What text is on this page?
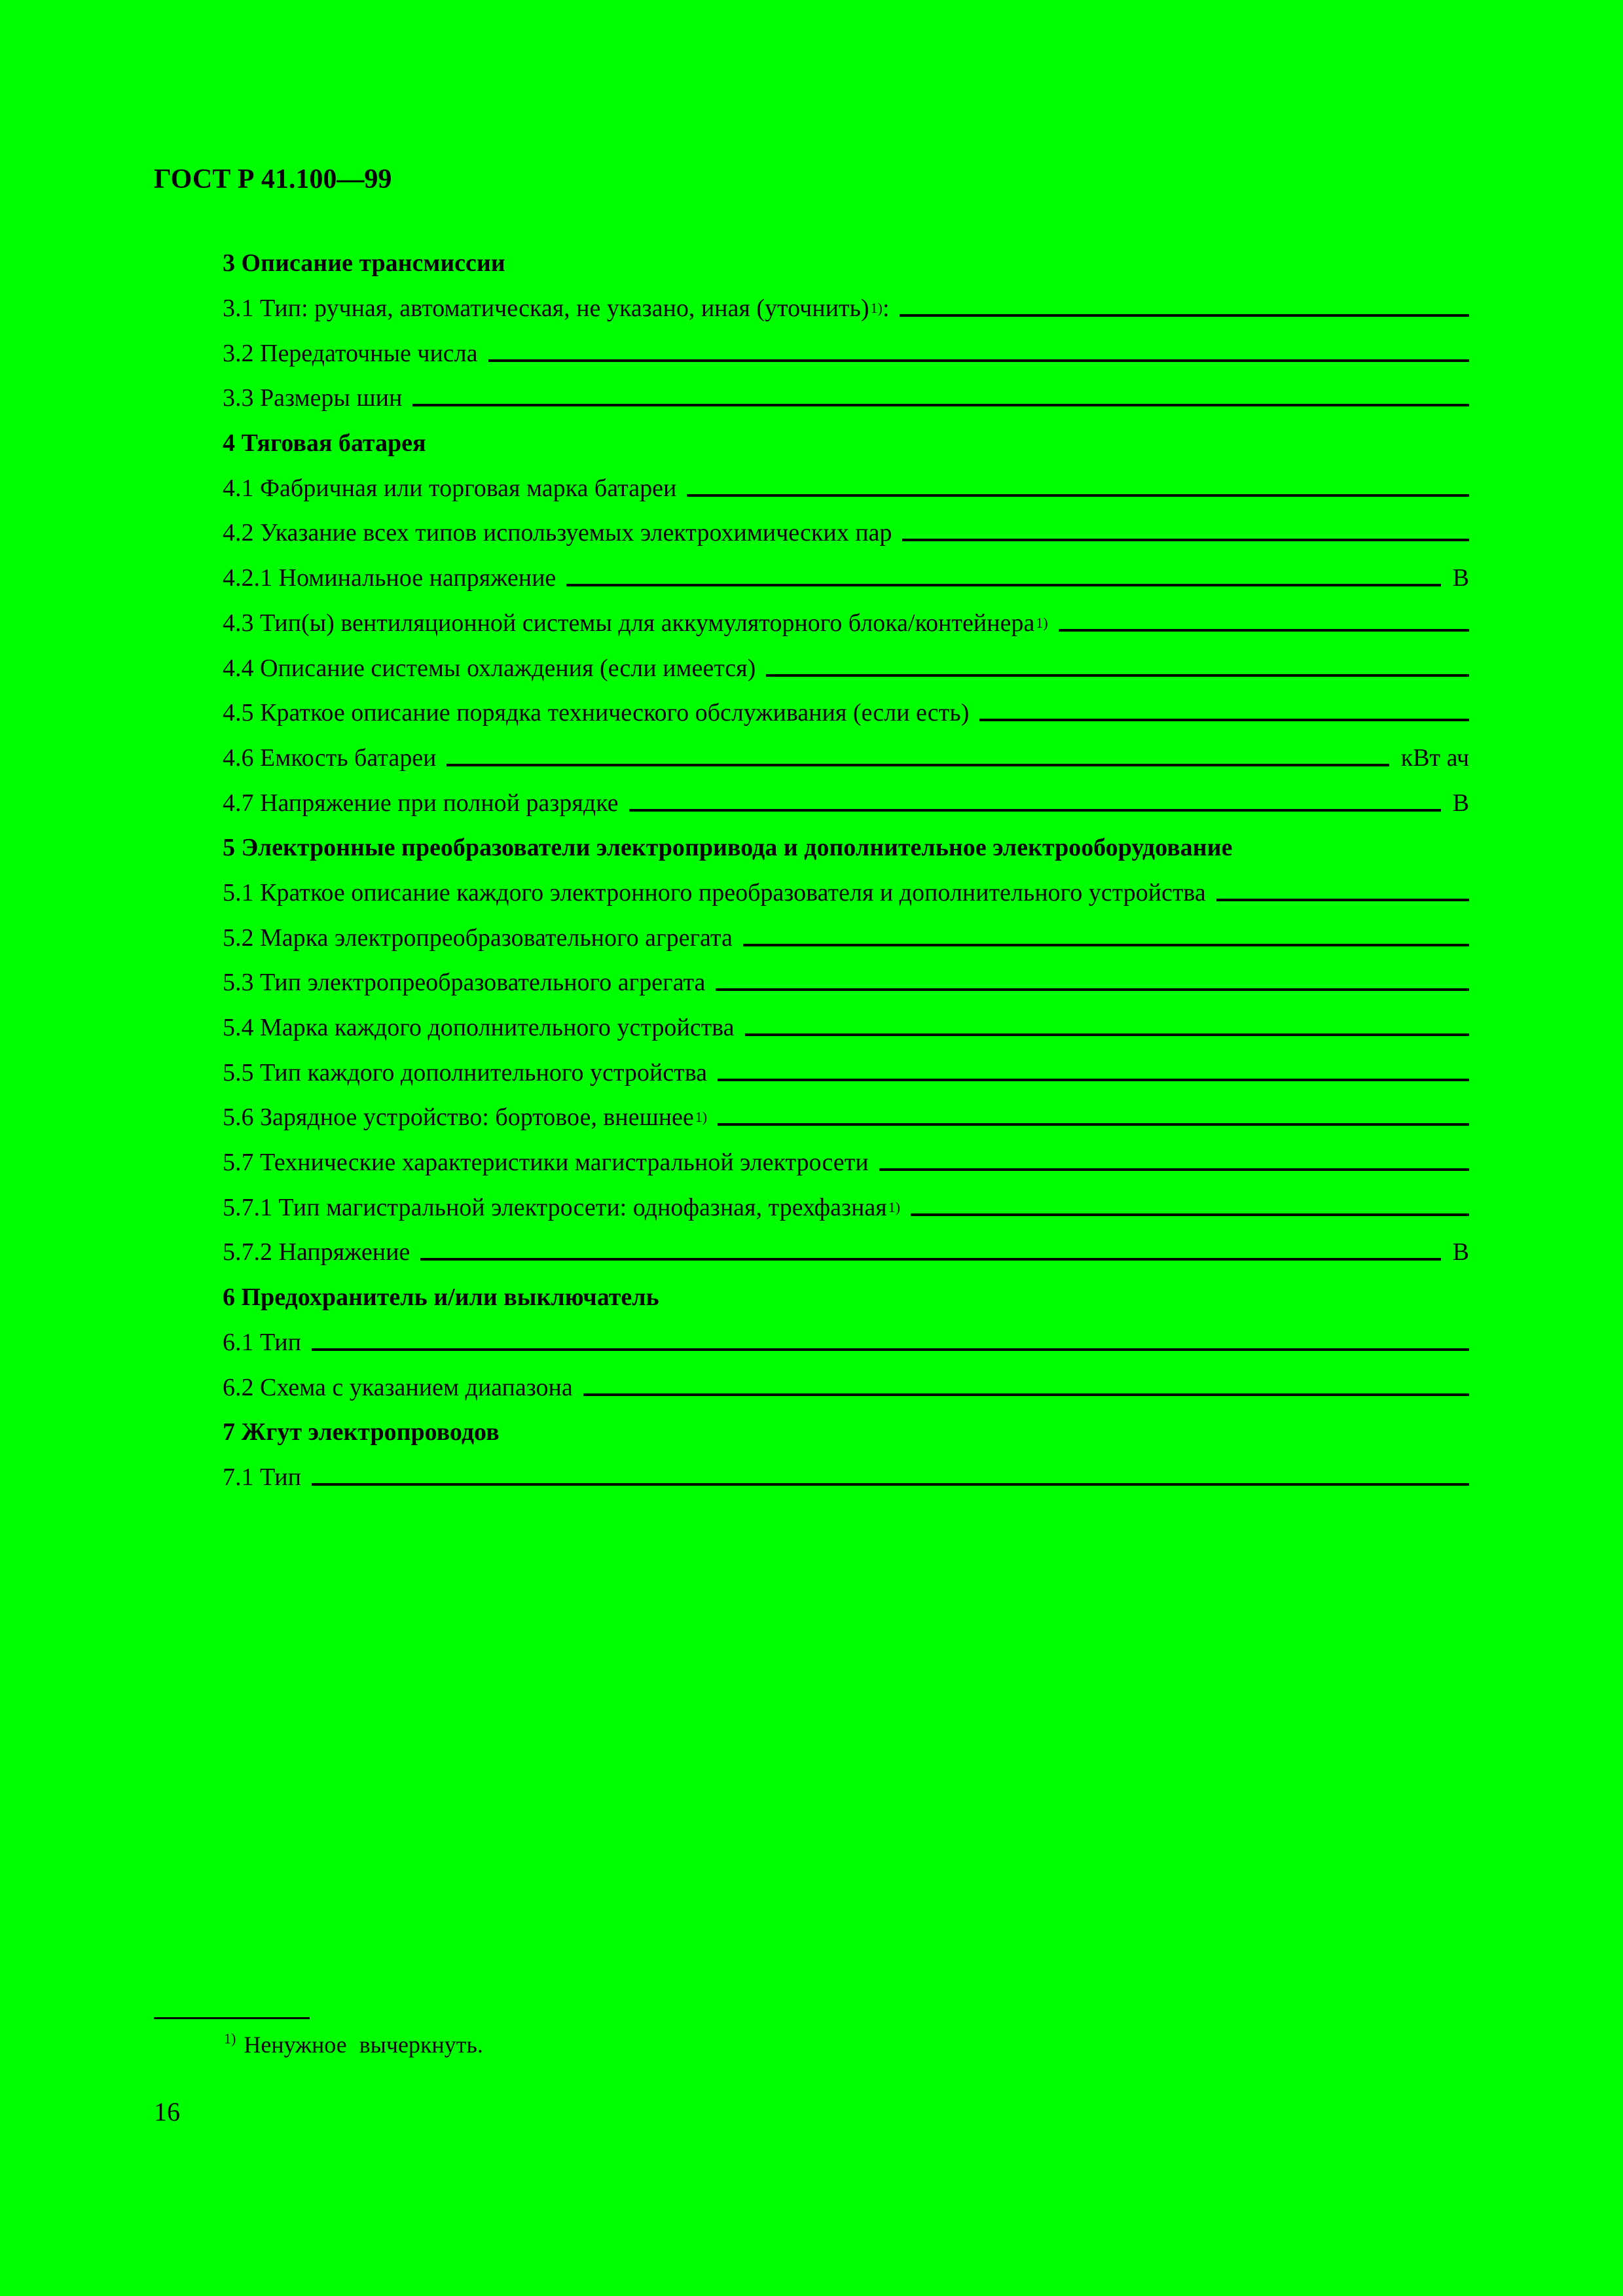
ГОСТ Р 41.100—99
3 Описание трансмиссии
3.1 Тип: ручная, автоматическая, не указано, иная (уточнить) 1) :
3.2 Передаточные числа
3.3 Размеры шин
4 Тяговая батарея
4.1 Фабричная или торговая марка батареи
4.2 Указание всех типов используемых электрохимических пар
4.2.1 Номинальное напряжение	В
4.3 Тип(ы) вентиляционной системы для аккумуляторного блока/контейнера 1)
4.4 Описание системы охлаждения (если имеется)
4.5 Краткое описание порядка технического обслуживания (если есть)
4.6 Емкость батареи	кВт ач
4.7 Напряжение при полной разрядке	В
5 Электронные преобразователи электропривода и дополнительное электрооборудование
5.1 Краткое описание каждого электронного преобразователя и дополнительного устройства
5.2 Марка электропреобразовательного агрегата
5.3 Тип электропреобразовательного агрегата
5.4 Марка каждого дополнительного устройства
5.5 Тип каждого дополнительного устройства
5.6 Зарядное устройство: бортовое, внешнее 1)
5.7 Технические характеристики магистральной электросети
5.7.1 Тип магистральной электросети: однофазная, трехфазная 1)
5.7.2 Напряжение	В
6 Предохранитель и/или выключатель
6.1 Тип
6.2 Схема с указанием диапазона
7 Жгут электропроводов
7.1 Тип
$^{1)}$ Ненужное вычеркнуть.
16
